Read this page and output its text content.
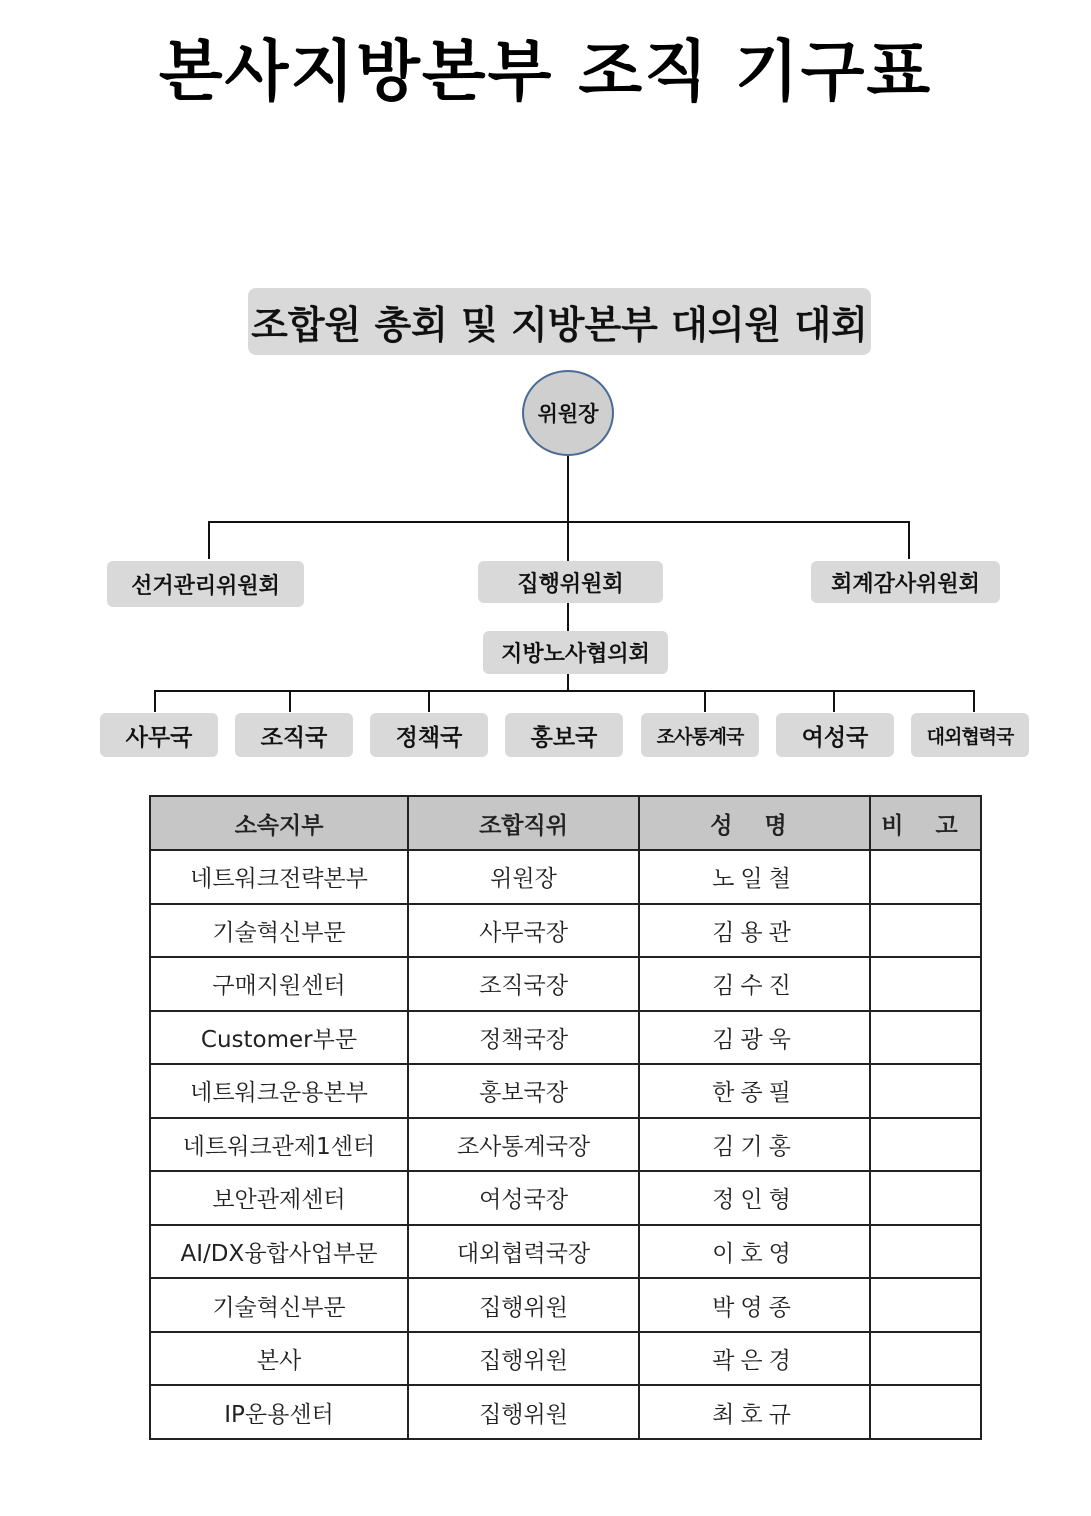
본사지방본부 조직 기구표
조합원 총회 및 지방본부 대의원 대회
위원장
선거관리위원회	집행위원회	회계감사위원회
지방노사협의회
사무국	조직국	정책국	홍보국	조사통계국	여성국	대외협력국
소속지부	조합직위	성 명	비 고
네트워크전략본부	위원장	노일철	
기술혁신부문	사무국장	김용관	
구매지원센터	조직국장	김수진	
Customer부문	정책국장	김광욱	
네트워크운용본부	홍보국장	한종필	
네트워크관제1센터	조사통계국장	김기홍	
보안관제센터	여성국장	정인형	
AI/DX융합사업부문	대외협력국장	이호영	
기술혁신부문	집행위원	박영종	
본사	집행위원	곽은경	
IP운용센터	집행위원	최호규	
